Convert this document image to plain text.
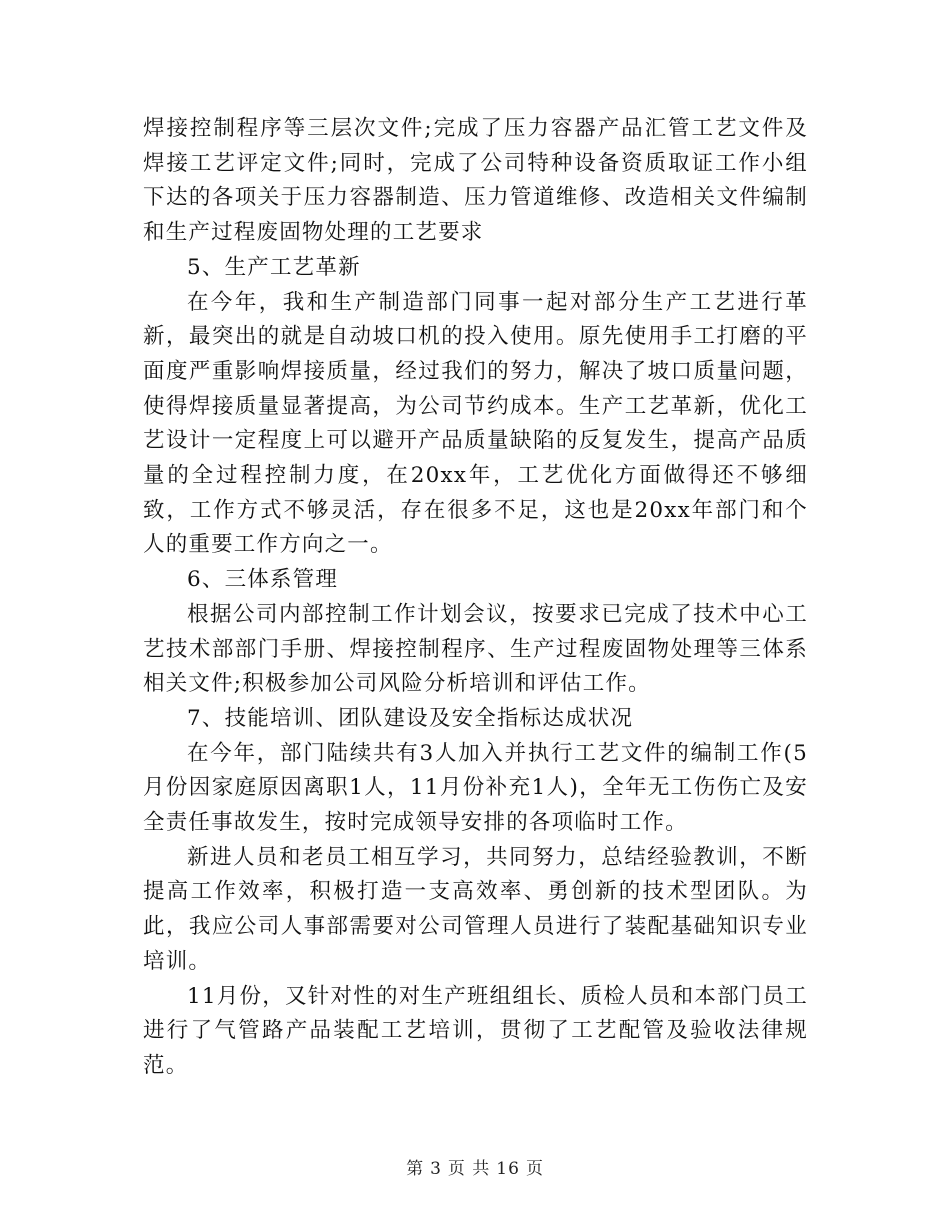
焊接控制程序等三层次文件;完成了压力容器产品汇管工艺文件及焊接工艺评定文件;同时，完成了公司特种设备资质取证工作小组下达的各项关于压力容器制造、压力管道维修、改造相关文件编制和生产过程废固物处理的工艺要求

5、生产工艺革新

在今年，我和生产制造部门同事一起对部分生产工艺进行革新，最突出的就是自动坡口机的投入使用。原先使用手工打磨的平面度严重影响焊接质量，经过我们的努力，解决了坡口质量问题，使得焊接质量显著提高，为公司节约成本。生产工艺革新，优化工艺设计一定程度上可以避开产品质量缺陷的反复发生，提高产品质量的全过程控制力度，在20xx年，工艺优化方面做得还不够细致，工作方式不够灵活，存在很多不足，这也是20xx年部门和个人的重要工作方向之一。

6、三体系管理

根据公司内部控制工作计划会议，按要求已完成了技术中心工艺技术部部门手册、焊接控制程序、生产过程废固物处理等三体系相关文件;积极参加公司风险分析培训和评估工作。

7、技能培训、团队建设及安全指标达成状况

在今年，部门陆续共有3人加入并执行工艺文件的编制工作(5月份因家庭原因离职1人，11月份补充1人)，全年无工伤伤亡及安全责任事故发生，按时完成领导安排的各项临时工作。

新进人员和老员工相互学习，共同努力，总结经验教训，不断提高工作效率，积极打造一支高效率、勇创新的技术型团队。为此，我应公司人事部需要对公司管理人员进行了装配基础知识专业培训。

11月份，又针对性的对生产班组组长、质检人员和本部门员工进行了气管路产品装配工艺培训，贯彻了工艺配管及验收法律规范。

第 3 页 共 16 页
